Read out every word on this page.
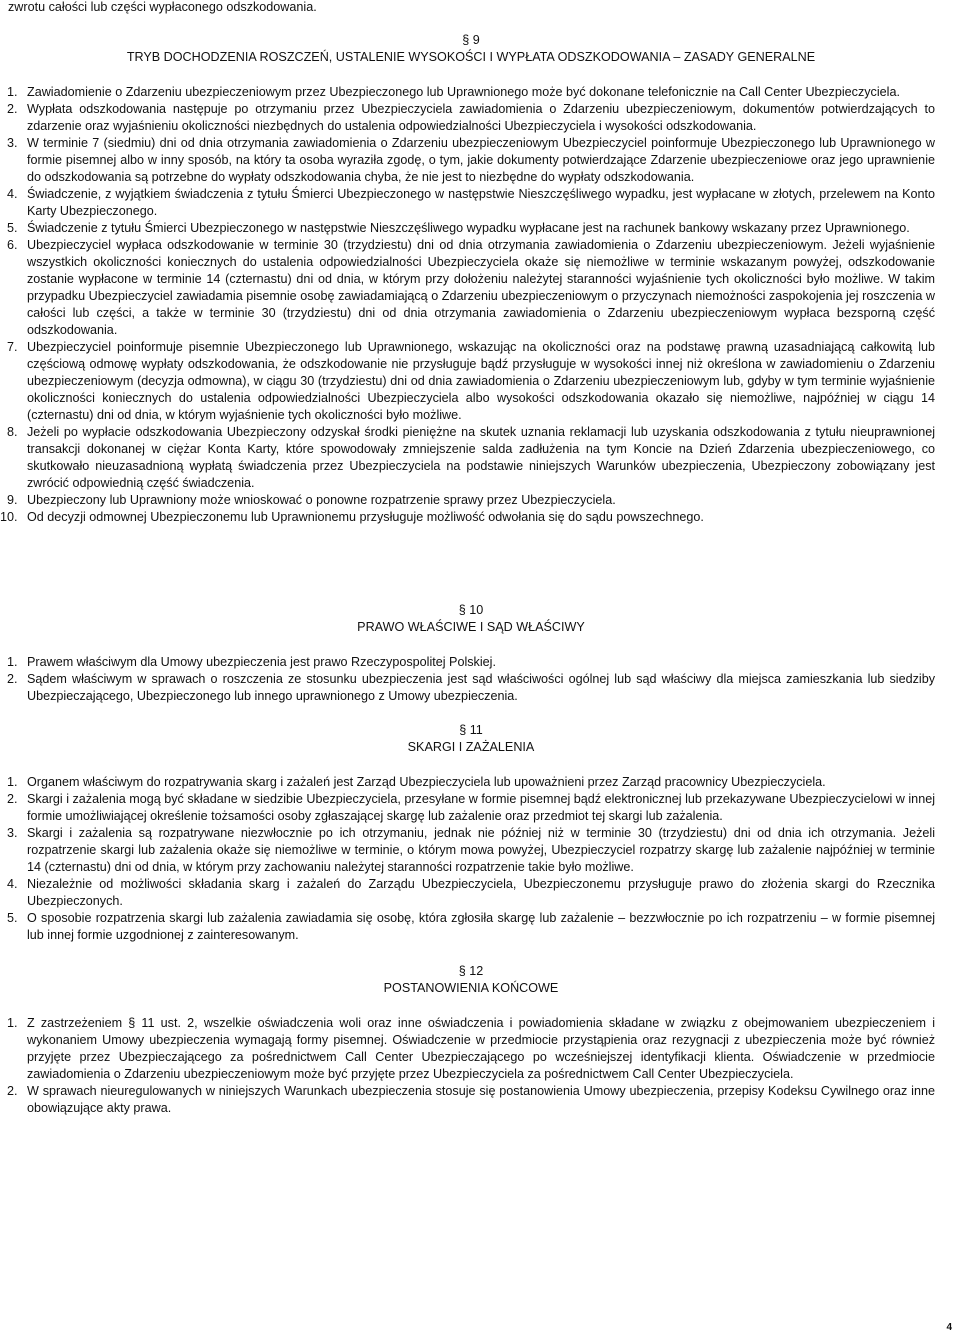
zwrotu całości lub części wypłaconego odszkodowania.

§ 9
TRYB DOCHODZENIA ROSZCZEŃ, USTALENIE WYSOKOŚCI I WYPŁATA ODSZKODOWANIA – ZASADY GENERALNE
1. Zawiadomienie o Zdarzeniu ubezpieczeniowym przez Ubezpieczonego lub Uprawnionego może być dokonane telefonicznie na Call Center Ubezpieczyciela.
2. Wypłata odszkodowania następuje po otrzymaniu przez Ubezpieczyciela zawiadomienia o Zdarzeniu ubezpieczeniowym, dokumentów potwierdzających to zdarzenie oraz wyjaśnieniu okoliczności niezbędnych do ustalenia odpowiedzialności Ubezpieczyciela i wysokości odszkodowania.
3. W terminie 7 (siedmiu) dni od dnia otrzymania zawiadomienia o Zdarzeniu ubezpieczeniowym Ubezpieczyciel poinformuje Ubezpieczonego lub Uprawnionego w formie pisemnej albo w inny sposób, na który ta osoba wyraziła zgodę, o tym, jakie dokumenty potwierdzające Zdarzenie ubezpieczeniowe oraz jego uprawnienie do odszkodowania są potrzebne do wypłaty odszkodowania chyba, że nie jest to niezbędne do wypłaty odszkodowania.
4. Świadczenie, z wyjątkiem świadczenia z tytułu Śmierci Ubezpieczonego w następstwie Nieszczęśliwego wypadku, jest wypłacane w złotych, przelewem na Konto Karty Ubezpieczonego.
5. Świadczenie z tytułu Śmierci Ubezpieczonego w następstwie Nieszczęśliwego wypadku wypłacane jest na rachunek bankowy wskazany przez Uprawnionego.
6. Ubezpieczyciel wypłaca odszkodowanie w terminie 30 (trzydziestu) dni od dnia otrzymania zawiadomienia o Zdarzeniu ubezpieczeniowym. Jeżeli wyjaśnienie wszystkich okoliczności koniecznych do ustalenia odpowiedzialności Ubezpieczyciela okaże się niemożliwe w terminie wskazanym powyżej, odszkodowanie zostanie wypłacone w terminie 14 (czternastu) dni od dnia, w którym przy dołożeniu należytej staranności wyjaśnienie tych okoliczności było możliwe. W takim przypadku Ubezpieczyciel zawiadamia pisemnie osobę zawiadamiającą o Zdarzeniu ubezpieczeniowym o przyczynach niemożności zaspokojenia jej roszczenia w całości lub części, a także w terminie 30 (trzydziestu) dni od dnia otrzymania zawiadomienia o Zdarzeniu ubezpieczeniowym wypłaca bezsporną część odszkodowania.
7. Ubezpieczyciel poinformuje pisemnie Ubezpieczonego lub Uprawnionego, wskazując na okoliczności oraz na podstawę prawną uzasadniającą całkowitą lub częściową odmowę wypłaty odszkodowania, że odszkodowanie nie przysługuje bądź przysługuje w wysokości innej niż określona w zawiadomieniu o Zdarzeniu ubezpieczeniowym (decyzja odmowna), w ciągu 30 (trzydziestu) dni od dnia zawiadomienia o Zdarzeniu ubezpieczeniowym lub, gdyby w tym terminie wyjaśnienie okoliczności koniecznych do ustalenia odpowiedzialności Ubezpieczyciela albo wysokości odszkodowania okazało się niemożliwe, najpóźniej w ciągu 14 (czternastu) dni od dnia, w którym wyjaśnienie tych okoliczności było możliwe.
8. Jeżeli po wypłacie odszkodowania Ubezpieczony odzyskał środki pieniężne na skutek uznania reklamacji lub uzyskania odszkodowania z tytułu nieuprawnionej transakcji dokonanej w ciężar Konta Karty, które spowodowały zmniejszenie salda zadłużenia na tym Koncie na Dzień Zdarzenia ubezpieczeniowego, co skutkowało nieuzasadnioną wypłatą świadczenia przez Ubezpieczyciela na podstawie niniejszych Warunków ubezpieczenia, Ubezpieczony zobowiązany jest zwrócić odpowiednią część świadczenia.
9. Ubezpieczony lub Uprawniony może wnioskować o ponowne rozpatrzenie sprawy przez Ubezpieczyciela.
10. Od decyzji odmownej Ubezpieczonemu lub Uprawnionemu przysługuje możliwość odwołania się do sądu powszechnego.
§ 10
PRAWO WŁAŚCIWE I SĄD WŁAŚCIWY
1. Prawem właściwym dla Umowy ubezpieczenia jest prawo Rzeczypospolitej Polskiej.
2. Sądem właściwym w sprawach o roszczenia ze stosunku ubezpieczenia jest sąd właściwości ogólnej lub sąd właściwy dla miejsca zamieszkania lub siedziby Ubezpieczającego, Ubezpieczonego lub innego uprawnionego z Umowy ubezpieczenia.
§ 11
SKARGI I ZAŻALENIA
1. Organem właściwym do rozpatrywania skarg i zażaleń jest Zarząd Ubezpieczyciela lub upoważnieni przez Zarząd pracownicy Ubezpieczyciela.
2. Skargi i zażalenia mogą być składane w siedzibie Ubezpieczyciela, przesyłane w formie pisemnej bądź elektronicznej lub przekazywane Ubezpieczycielowi w innej formie umożliwiającej określenie tożsamości osoby zgłaszającej skargę lub zażalenie oraz przedmiot tej skargi lub zażalenia.
3. Skargi i zażalenia są rozpatrywane niezwłocznie po ich otrzymaniu, jednak nie później niż w terminie 30 (trzydziestu) dni od dnia ich otrzymania. Jeżeli rozpatrzenie skargi lub zażalenia okaże się niemożliwe w terminie, o którym mowa powyżej, Ubezpieczyciel rozpatrzy skargę lub zażalenie najpóźniej w terminie 14 (czternastu) dni od dnia, w którym przy zachowaniu należytej staranności rozpatrzenie takie było możliwe.
4. Niezależnie od możliwości składania skarg i zażaleń do Zarządu Ubezpieczyciela, Ubezpieczonemu przysługuje prawo do złożenia skargi do Rzecznika Ubezpieczonych.
5. O sposobie rozpatrzenia skargi lub zażalenia zawiadamia się osobę, która zgłosiła skargę lub zażalenie – bezzwłocznie po ich rozpatrzeniu – w formie pisemnej lub innej formie uzgodnionej z zainteresowanym.
§ 12
POSTANOWIENIA KOŃCOWE
1. Z zastrzeżeniem § 11 ust. 2, wszelkie oświadczenia woli oraz inne oświadczenia i powiadomienia składane w związku z obejmowaniem ubezpieczeniem i wykonaniem Umowy ubezpieczenia wymagają formy pisemnej. Oświadczenie w przedmiocie przystąpienia oraz rezygnacji z ubezpieczenia może być również przyjęte przez Ubezpieczającego za pośrednictwem Call Center Ubezpieczającego po wcześniejszej identyfikacji klienta. Oświadczenie w przedmiocie zawiadomienia o Zdarzeniu ubezpieczeniowym może być przyjęte przez Ubezpieczyciela za pośrednictwem Call Center Ubezpieczyciela.
2. W sprawach nieuregulowanych w niniejszych Warunkach ubezpieczenia stosuje się postanowienia Umowy ubezpieczenia, przepisy Kodeksu Cywilnego oraz inne obowiązujące akty prawa.
4
